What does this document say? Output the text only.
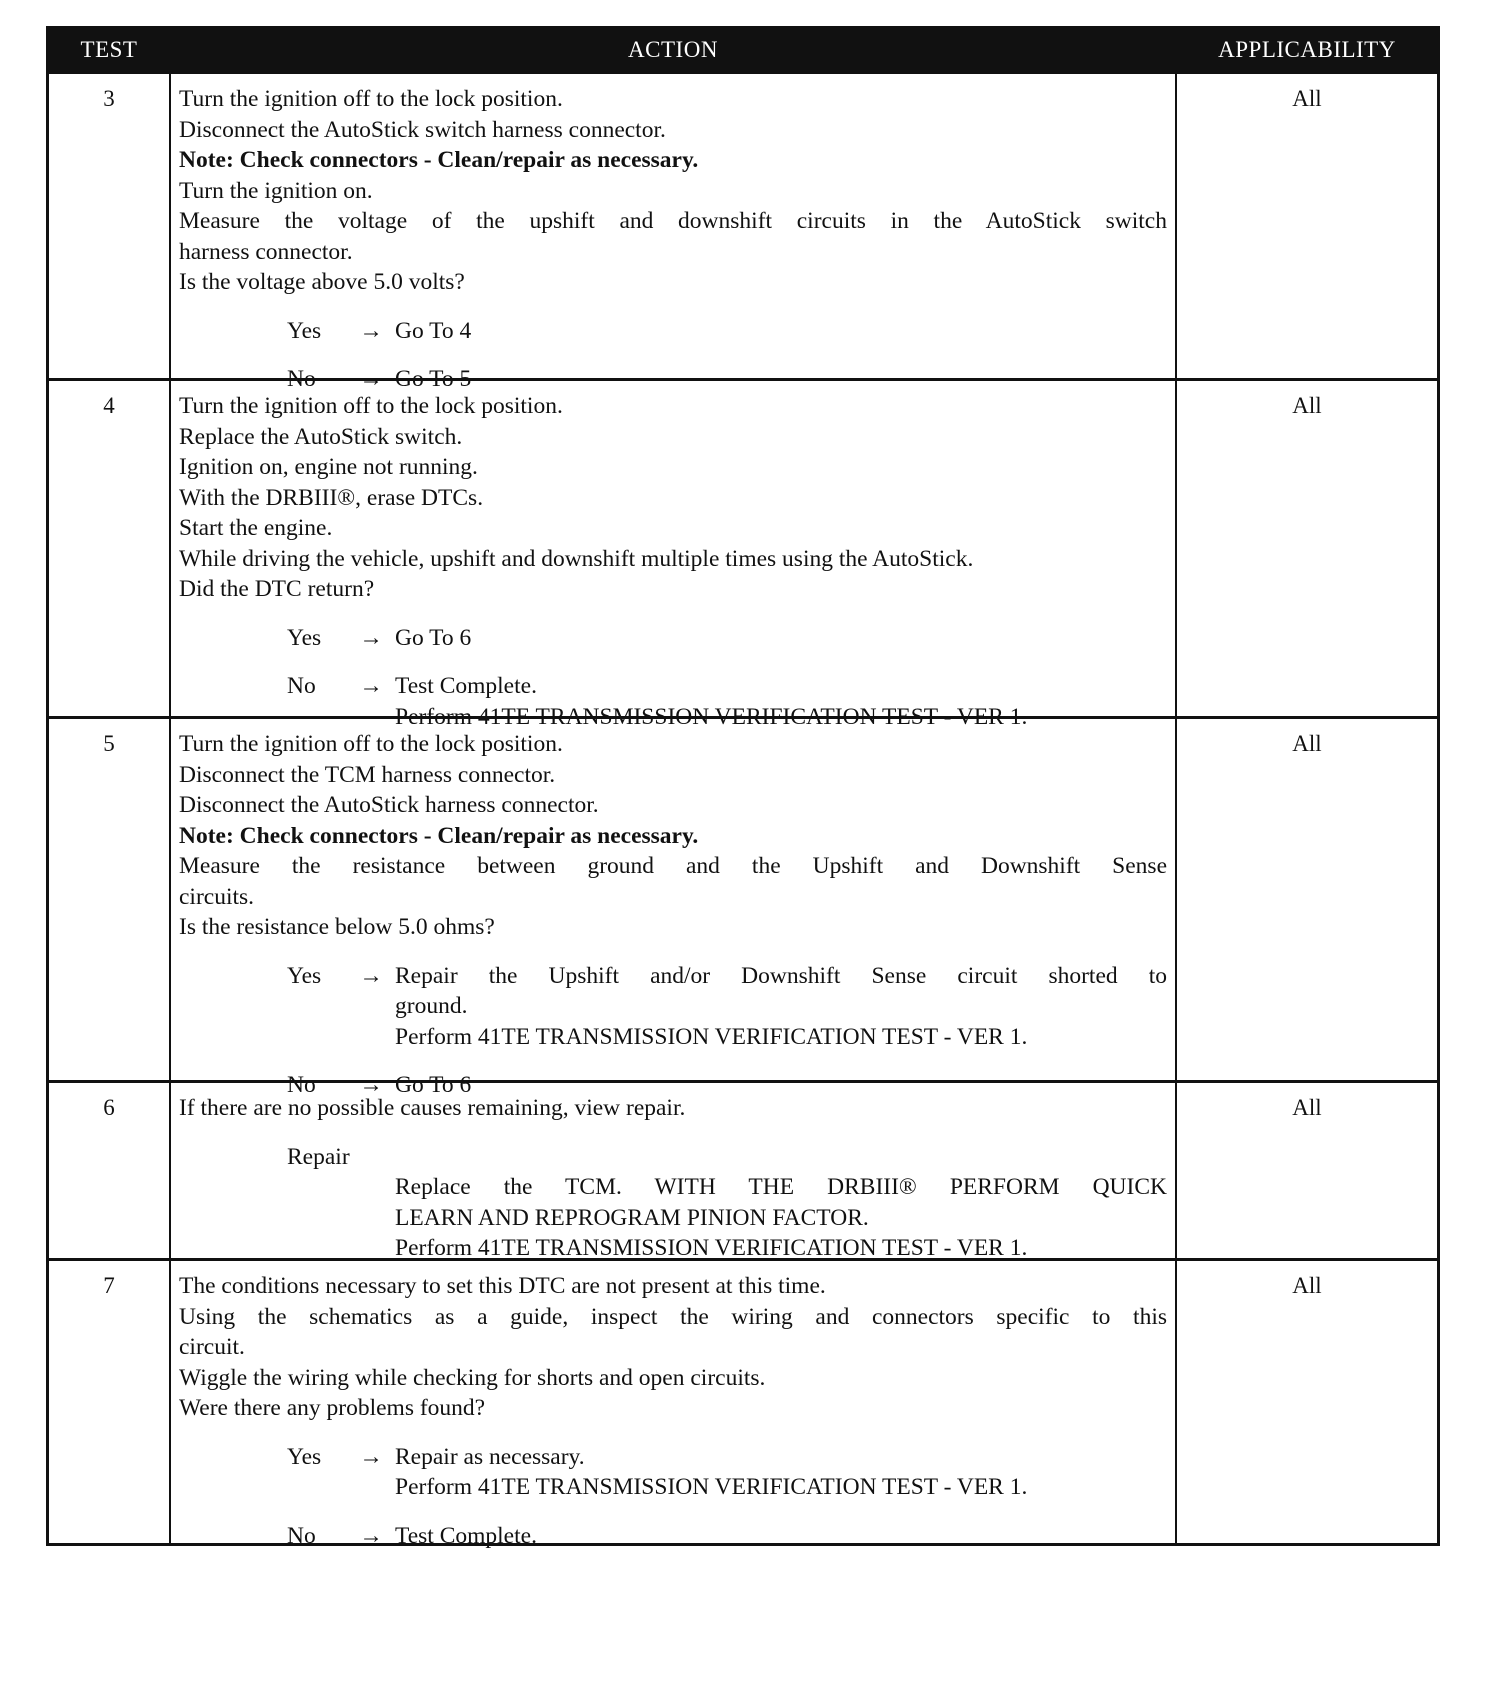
TEST	ACTION	APPLICABILITY
3	Turn the ignition off to the lock position.
Disconnect the AutoStick switch harness connector.
Note: Check connectors - Clean/repair as necessary.
Turn the ignition on.
Measure the voltage of the upshift and downshift circuits in the AutoStick switch
harness connector.
Is the voltage above 5.0 volts?
Yes	→ Go To 4
No	→ Go To 5
All
4	Turn the ignition off to the lock position.
Replace the AutoStick switch.
Ignition on, engine not running.
With the DRBIII®, erase DTCs.
Start the engine.
While driving the vehicle, upshift and downshift multiple times using the AutoStick.
Did the DTC return?
Yes	→ Go To 6
No	→ Test Complete.
Perform 41TE TRANSMISSION VERIFICATION TEST - VER 1.
All
5	Turn the ignition off to the lock position.
Disconnect the TCM harness connector.
Disconnect the AutoStick harness connector.
Note: Check connectors - Clean/repair as necessary.
Measure the resistance between ground and the Upshift and Downshift Sense
circuits.
Is the resistance below 5.0 ohms?
Yes	→ Repair the Upshift and/or Downshift Sense circuit shorted to
ground.
Perform 41TE TRANSMISSION VERIFICATION TEST - VER 1.
No	→ Go To 6
All
6	If there are no possible causes remaining, view repair.
Repair
Replace the TCM. WITH THE DRBIII® PERFORM QUICK
LEARN AND REPROGRAM PINION FACTOR.
Perform 41TE TRANSMISSION VERIFICATION TEST - VER 1.
All
7	The conditions necessary to set this DTC are not present at this time.
Using the schematics as a guide, inspect the wiring and connectors specific to this
circuit.
Wiggle the wiring while checking for shorts and open circuits.
Were there any problems found?
Yes	→ Repair as necessary.
Perform 41TE TRANSMISSION VERIFICATION TEST - VER 1.
No	→ Test Complete.
All
